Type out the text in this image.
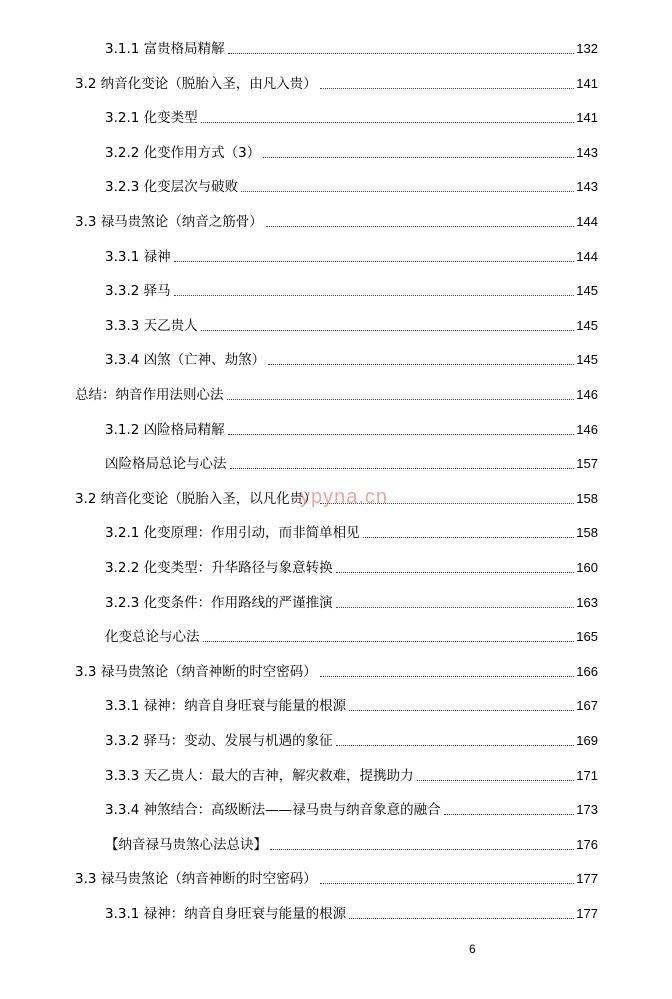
3.1.1 富贵格局精解	132
3.2 纳音化变论（脱胎入圣，由凡入贵）	141
3.2.1 化变类型	141
3.2.2 化变作用方式（3）	143
3.2.3 化变层次与破败	143
3.3 禄马贵煞论（纳音之筋骨）	144
3.3.1 禄神	144
3.3.2 驿马	145
3.3.3 天乙贵人	145
3.3.4 凶煞（亡神、劫煞）	145
总结：纳音作用法则心法	146
3.1.2 凶险格局精解	146
凶险格局总论与心法	157
3.2 纳音化变论（脱胎入圣，以凡化贵）	158
3.2.1 化变原理：作用引动，而非简单相见	158
3.2.2 化变类型：升华路径与象意转换	160
3.2.3 化变条件：作用路线的严谨推演	163
化变总论与心法	165
3.3 禄马贵煞论（纳音神断的时空密码）	166
3.3.1 禄神：纳音自身旺衰与能量的根源	167
3.3.2 驿马：变动、发展与机遇的象征	169
3.3.3 天乙贵人：最大的吉神，解灾救难，提携助力	171
3.3.4 神煞结合：高级断法——禄马贵与纳音象意的融合	173
【纳音禄马贵煞心法总诀】	176
3.3 禄马贵煞论（纳音神断的时空密码）	177
3.3.1 禄神：纳音自身旺衰与能量的根源	177
ypyna.cn
6
